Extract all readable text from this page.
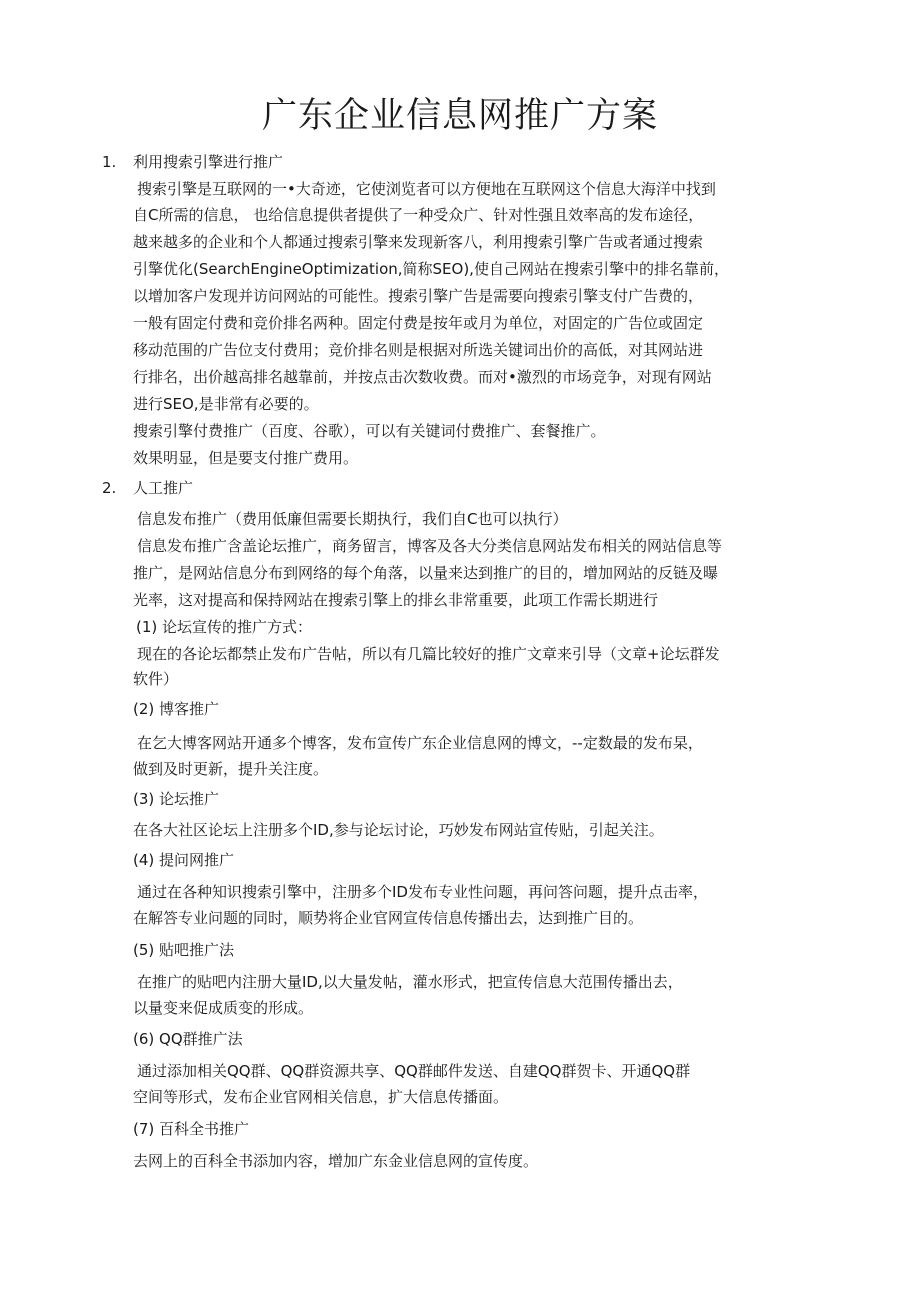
广东企业信息网推广方案
1. 利用搜索引擎进行推广

搜索引擎是互联网的一•大奇迹，它使浏览者可以方便地在互联网这个信息大海洋中找到

自C所需的信息， 也给信息提供者提供了一种受众广、针对性强且效率高的发布途径，

越来越多的企业和个人都通过搜索引擎来发现新客八，利用搜索引擎广告或者通过搜索

引擎优化(SearchEngineOptimization,简称SEO),使自己网站在搜索引擎中的排名靠前，

以增加客户发现并访问网站的可能性。搜索引擎广告是需要向搜索引擎支付广告费的，

一般有固定付费和竞价排名两种。固定付费是按年或月为单位，对固定的广告位或固定

移动范围的广告位支付费用；竞价排名则是根据对所选关键词出价的高低，对其网站进

行排名，出价越高排名越靠前，并按点击次数收费。而对•激烈的市场竞争，对现有网站

进行SEO,是非常有必要的。

搜索引擎付费推广（百度、谷歌），可以有关键词付费推广、套餐推广。

效果明显，但是要支付推广费用。

2. 人工推广

信息发布推广（费用低廉但需要长期执行，我们自C也可以执行）

信息发布推广含盖论坛推广，商务留言，博客及各大分类信息网站发布相关的网站信息等

推广，是网站信息分布到网络的每个角落，以量来达到推广的目的，增加网站的反链及曝

光率，这对提高和保持网站在搜索引擎上的排幺非常重要，此项工作需长期进行

(1) 论坛宣传的推广方式：

现在的各论坛都禁止发布广告帖，所以有几篇比较好的推广文章来引导（文章+论坛群发

软件）

(2) 博客推广

在乞大博客网站开通多个博客，发布宣传广东企业信息网的博文，--定数最的发布杲，

做到及时更新，提升关注度。

(3) 论坛推广

在各大社区论坛上注册多个ID,参与论坛讨论，巧妙发布网站宣传贴，引起关注。

(4) 提问网推广

通过在各种知识搜索引擎中，注册多个ID发布专业性问题，再问答问题，提升点击率，

在解答专业问题的同时，顺势将企业官网宣传信息传播出去，达到推广目的。

(5) 贴吧推广法

在推广的贴吧内注册大量ID,以大量发帖，灌水形式，把宣传信息大范围传播出去，

以量变来促成质变的形成。

(6) QQ群推广法

通过添加相关QQ群、QQ群资源共享、QQ群邮件发送、自建QQ群贺卡、开通QQ群

空间等形式，发布企业官网相关信息，扩大信息传播面。

(7) 百科全书推广

去网上的百科全书添加内容，增加广东金业信息网的宣传度。
